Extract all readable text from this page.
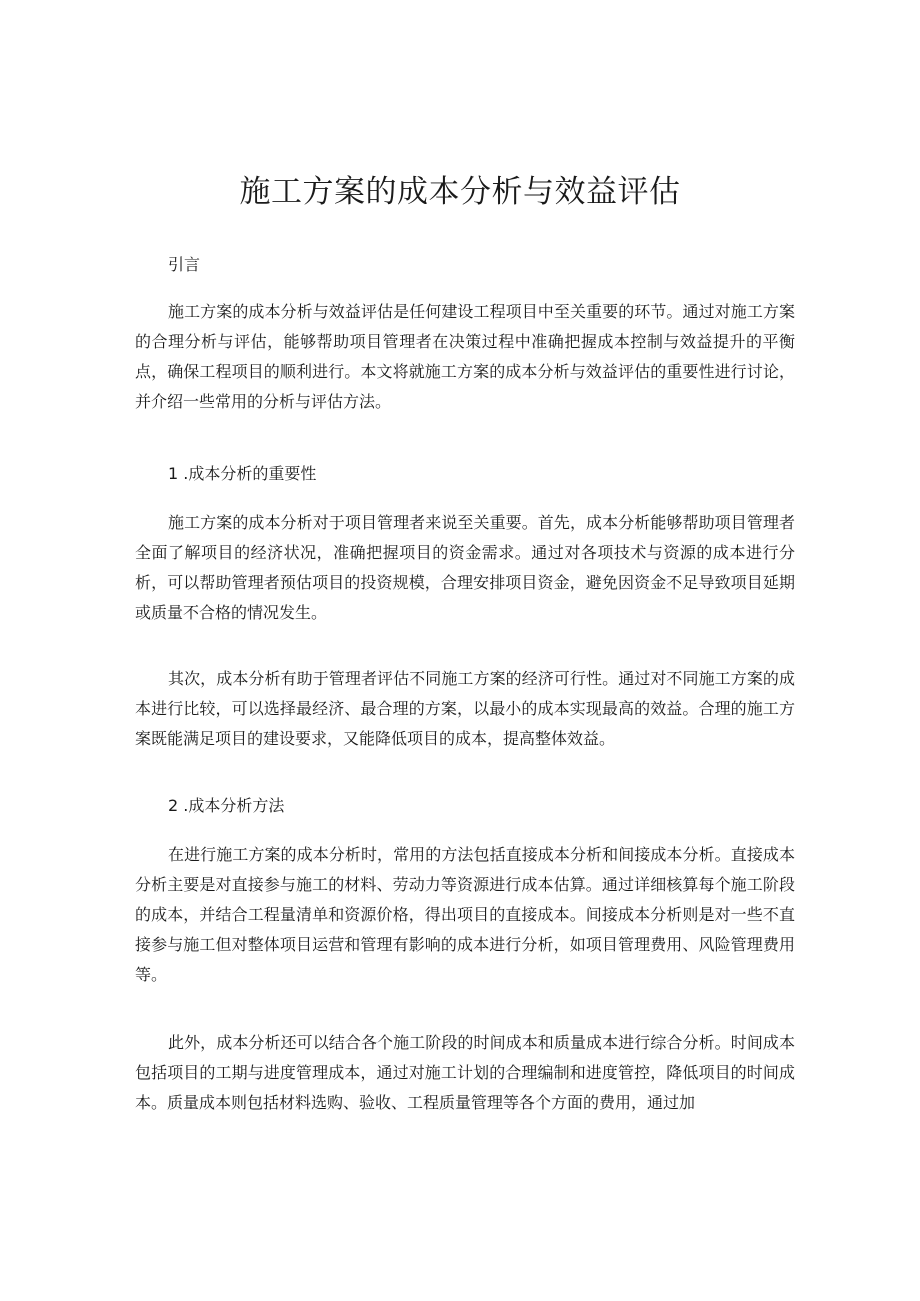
施工方案的成本分析与效益评估

引言

施工方案的成本分析与效益评估是任何建设工程项目中至关重要的环节。通过对施工方案的合理分析与评估，能够帮助项目管理者在决策过程中准确把握成本控制与效益提升的平衡点，确保工程项目的顺利进行。本文将就施工方案的成本分析与效益评估的重要性进行讨论，并介绍一些常用的分析与评估方法。

1 .成本分析的重要性

施工方案的成本分析对于项目管理者来说至关重要。首先，成本分析能够帮助项目管理者全面了解项目的经济状况，准确把握项目的资金需求。通过对各项技术与资源的成本进行分析，可以帮助管理者预估项目的投资规模，合理安排项目资金，避免因资金不足导致项目延期或质量不合格的情况发生。

其次，成本分析有助于管理者评估不同施工方案的经济可行性。通过对不同施工方案的成本进行比较，可以选择最经济、最合理的方案，以最小的成本实现最高的效益。合理的施工方案既能满足项目的建设要求，又能降低项目的成本，提高整体效益。

2 .成本分析方法

在进行施工方案的成本分析时，常用的方法包括直接成本分析和间接成本分析。直接成本分析主要是对直接参与施工的材料、劳动力等资源进行成本估算。通过详细核算每个施工阶段的成本，并结合工程量清单和资源价格，得出项目的直接成本。间接成本分析则是对一些不直接参与施工但对整体项目运营和管理有影响的成本进行分析，如项目管理费用、风险管理费用等。

此外，成本分析还可以结合各个施工阶段的时间成本和质量成本进行综合分析。时间成本包括项目的工期与进度管理成本，通过对施工计划的合理编制和进度管控，降低项目的时间成本。质量成本则包括材料选购、验收、工程质量管理等各个方面的费用，通过加
